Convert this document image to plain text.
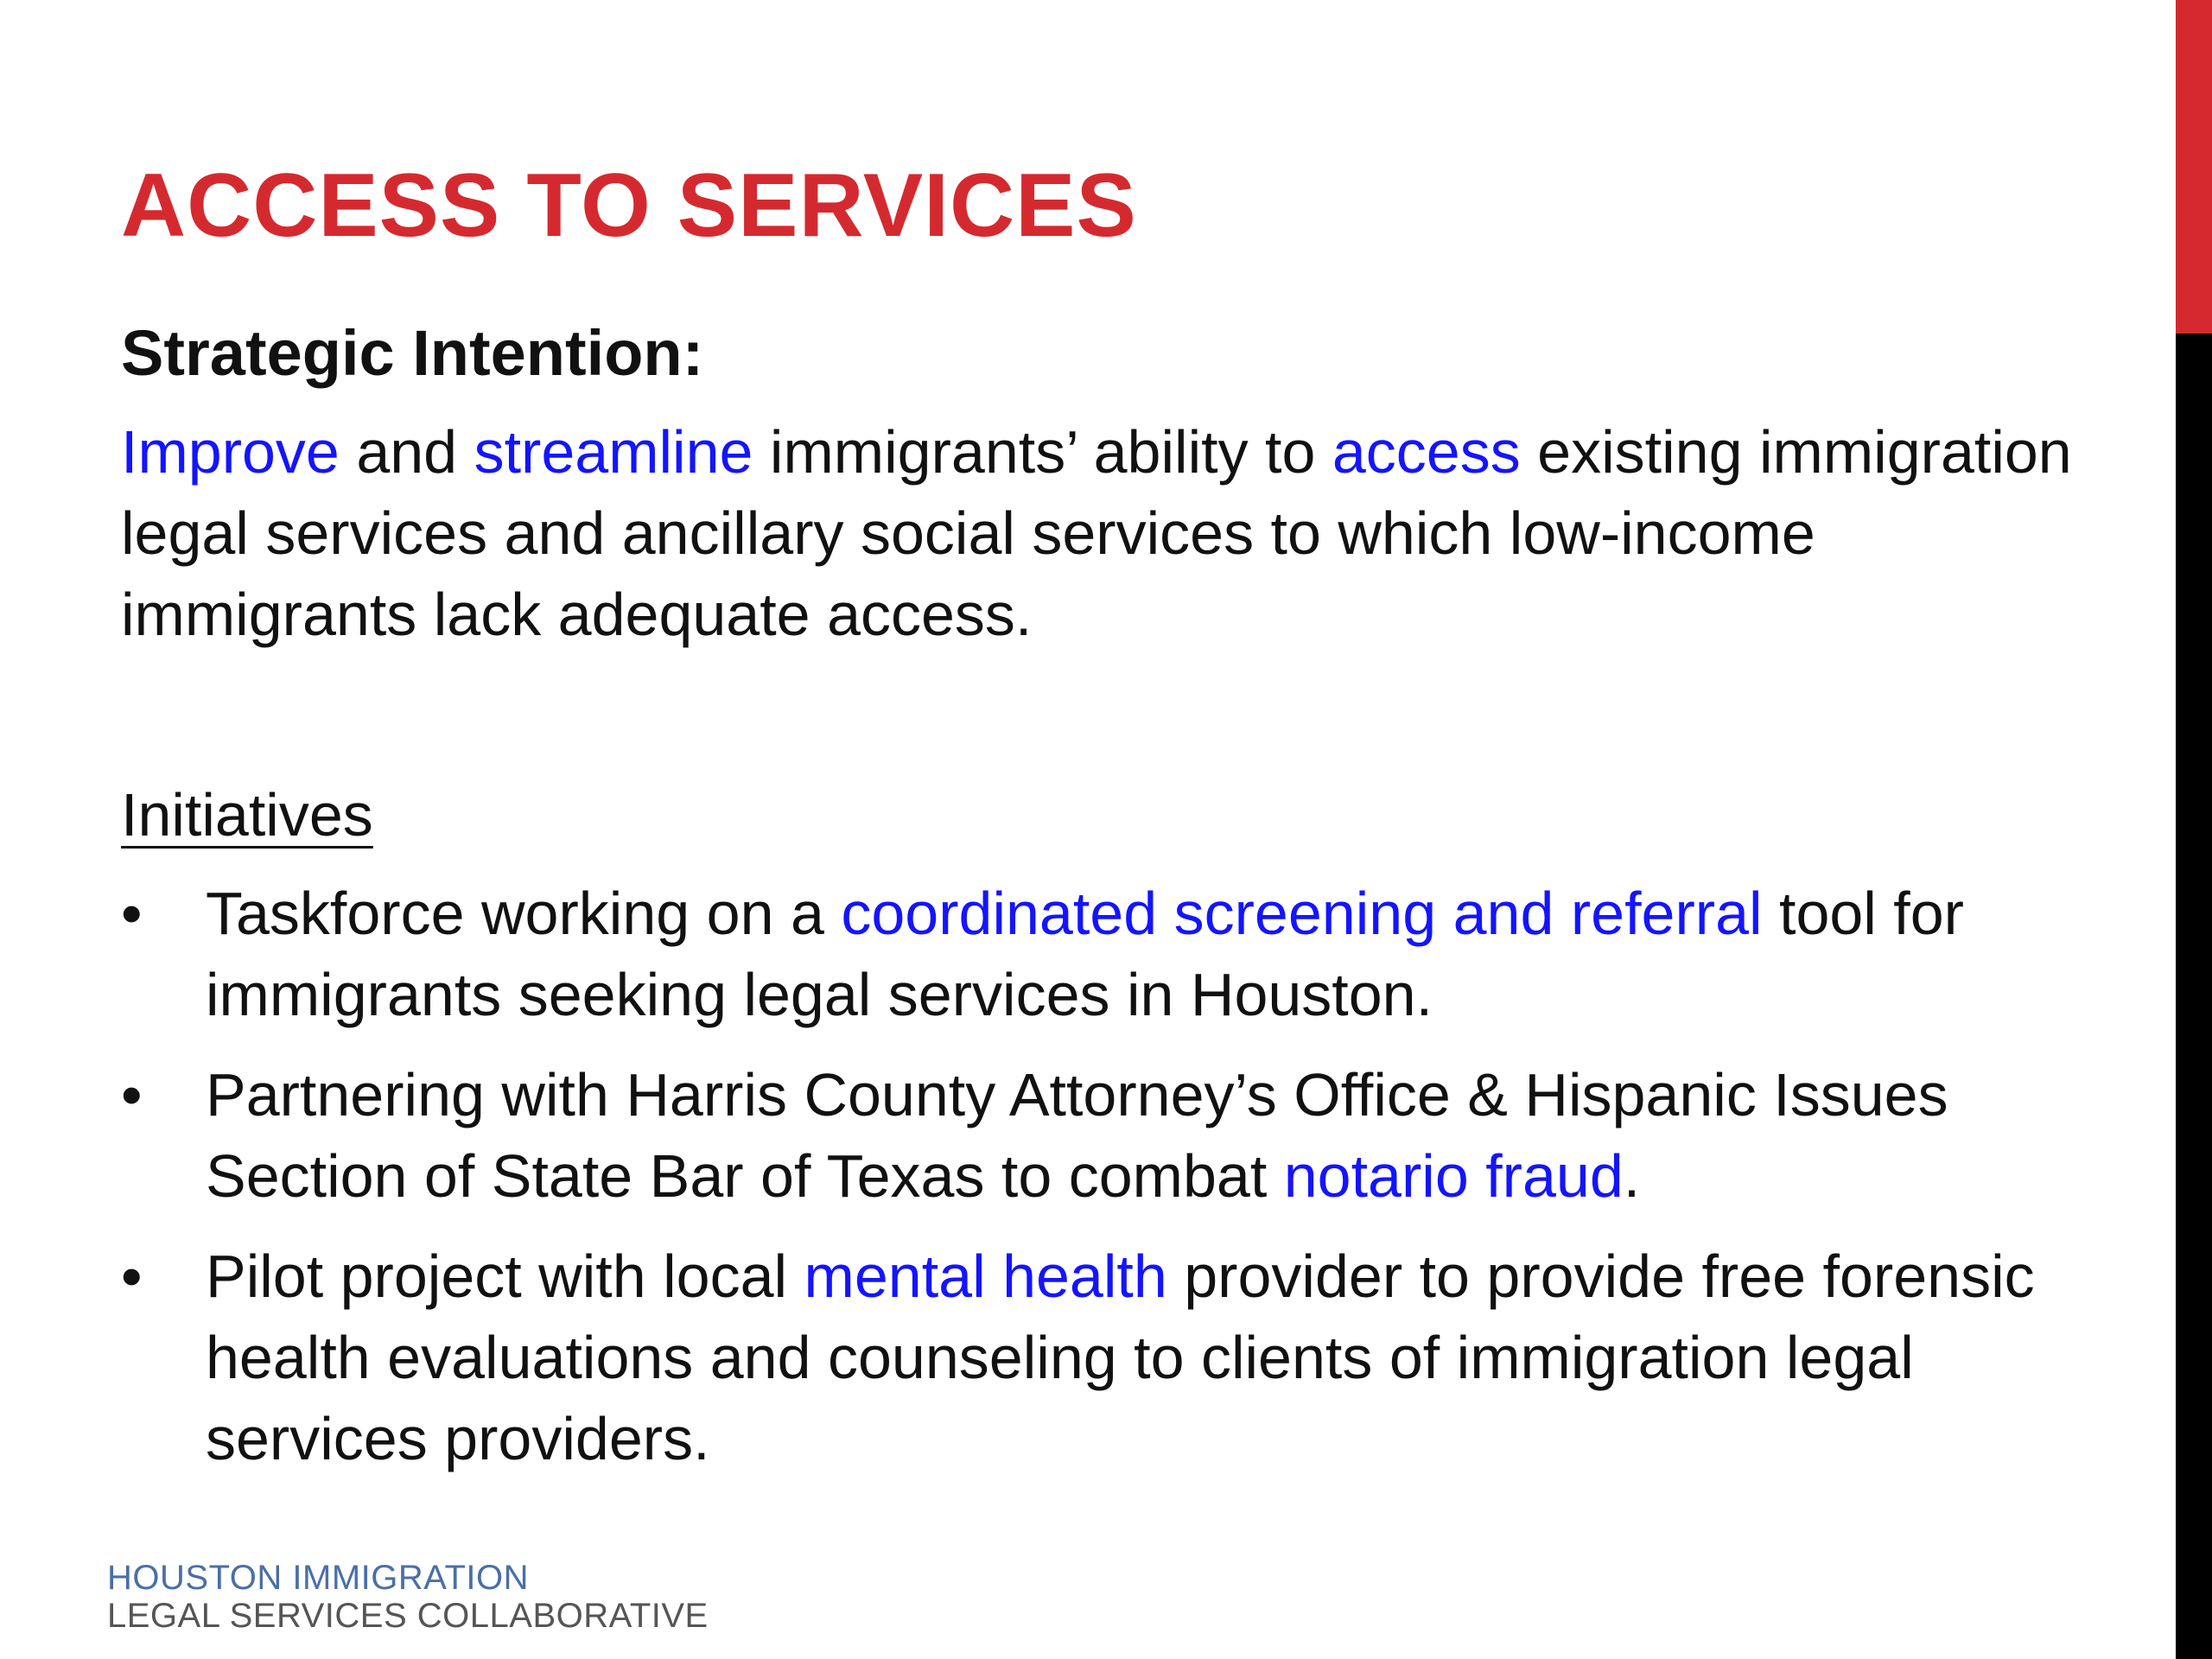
ACCESS TO SERVICES

Strategic Intention:

Improve and streamline immigrants’ ability to access existing immigration legal services and ancillary social services to which low-income immigrants lack adequate access.

Initiatives

• Taskforce working on a coordinated screening and referral tool for immigrants seeking legal services in Houston.
• Partnering with Harris County Attorney’s Office & Hispanic Issues Section of State Bar of Texas to combat notario fraud.
• Pilot project with local mental health provider to provide free forensic health evaluations and counseling to clients of immigration legal services providers.
HOUSTON IMMIGRATION
LEGAL SERVICES COLLABORATIVE
